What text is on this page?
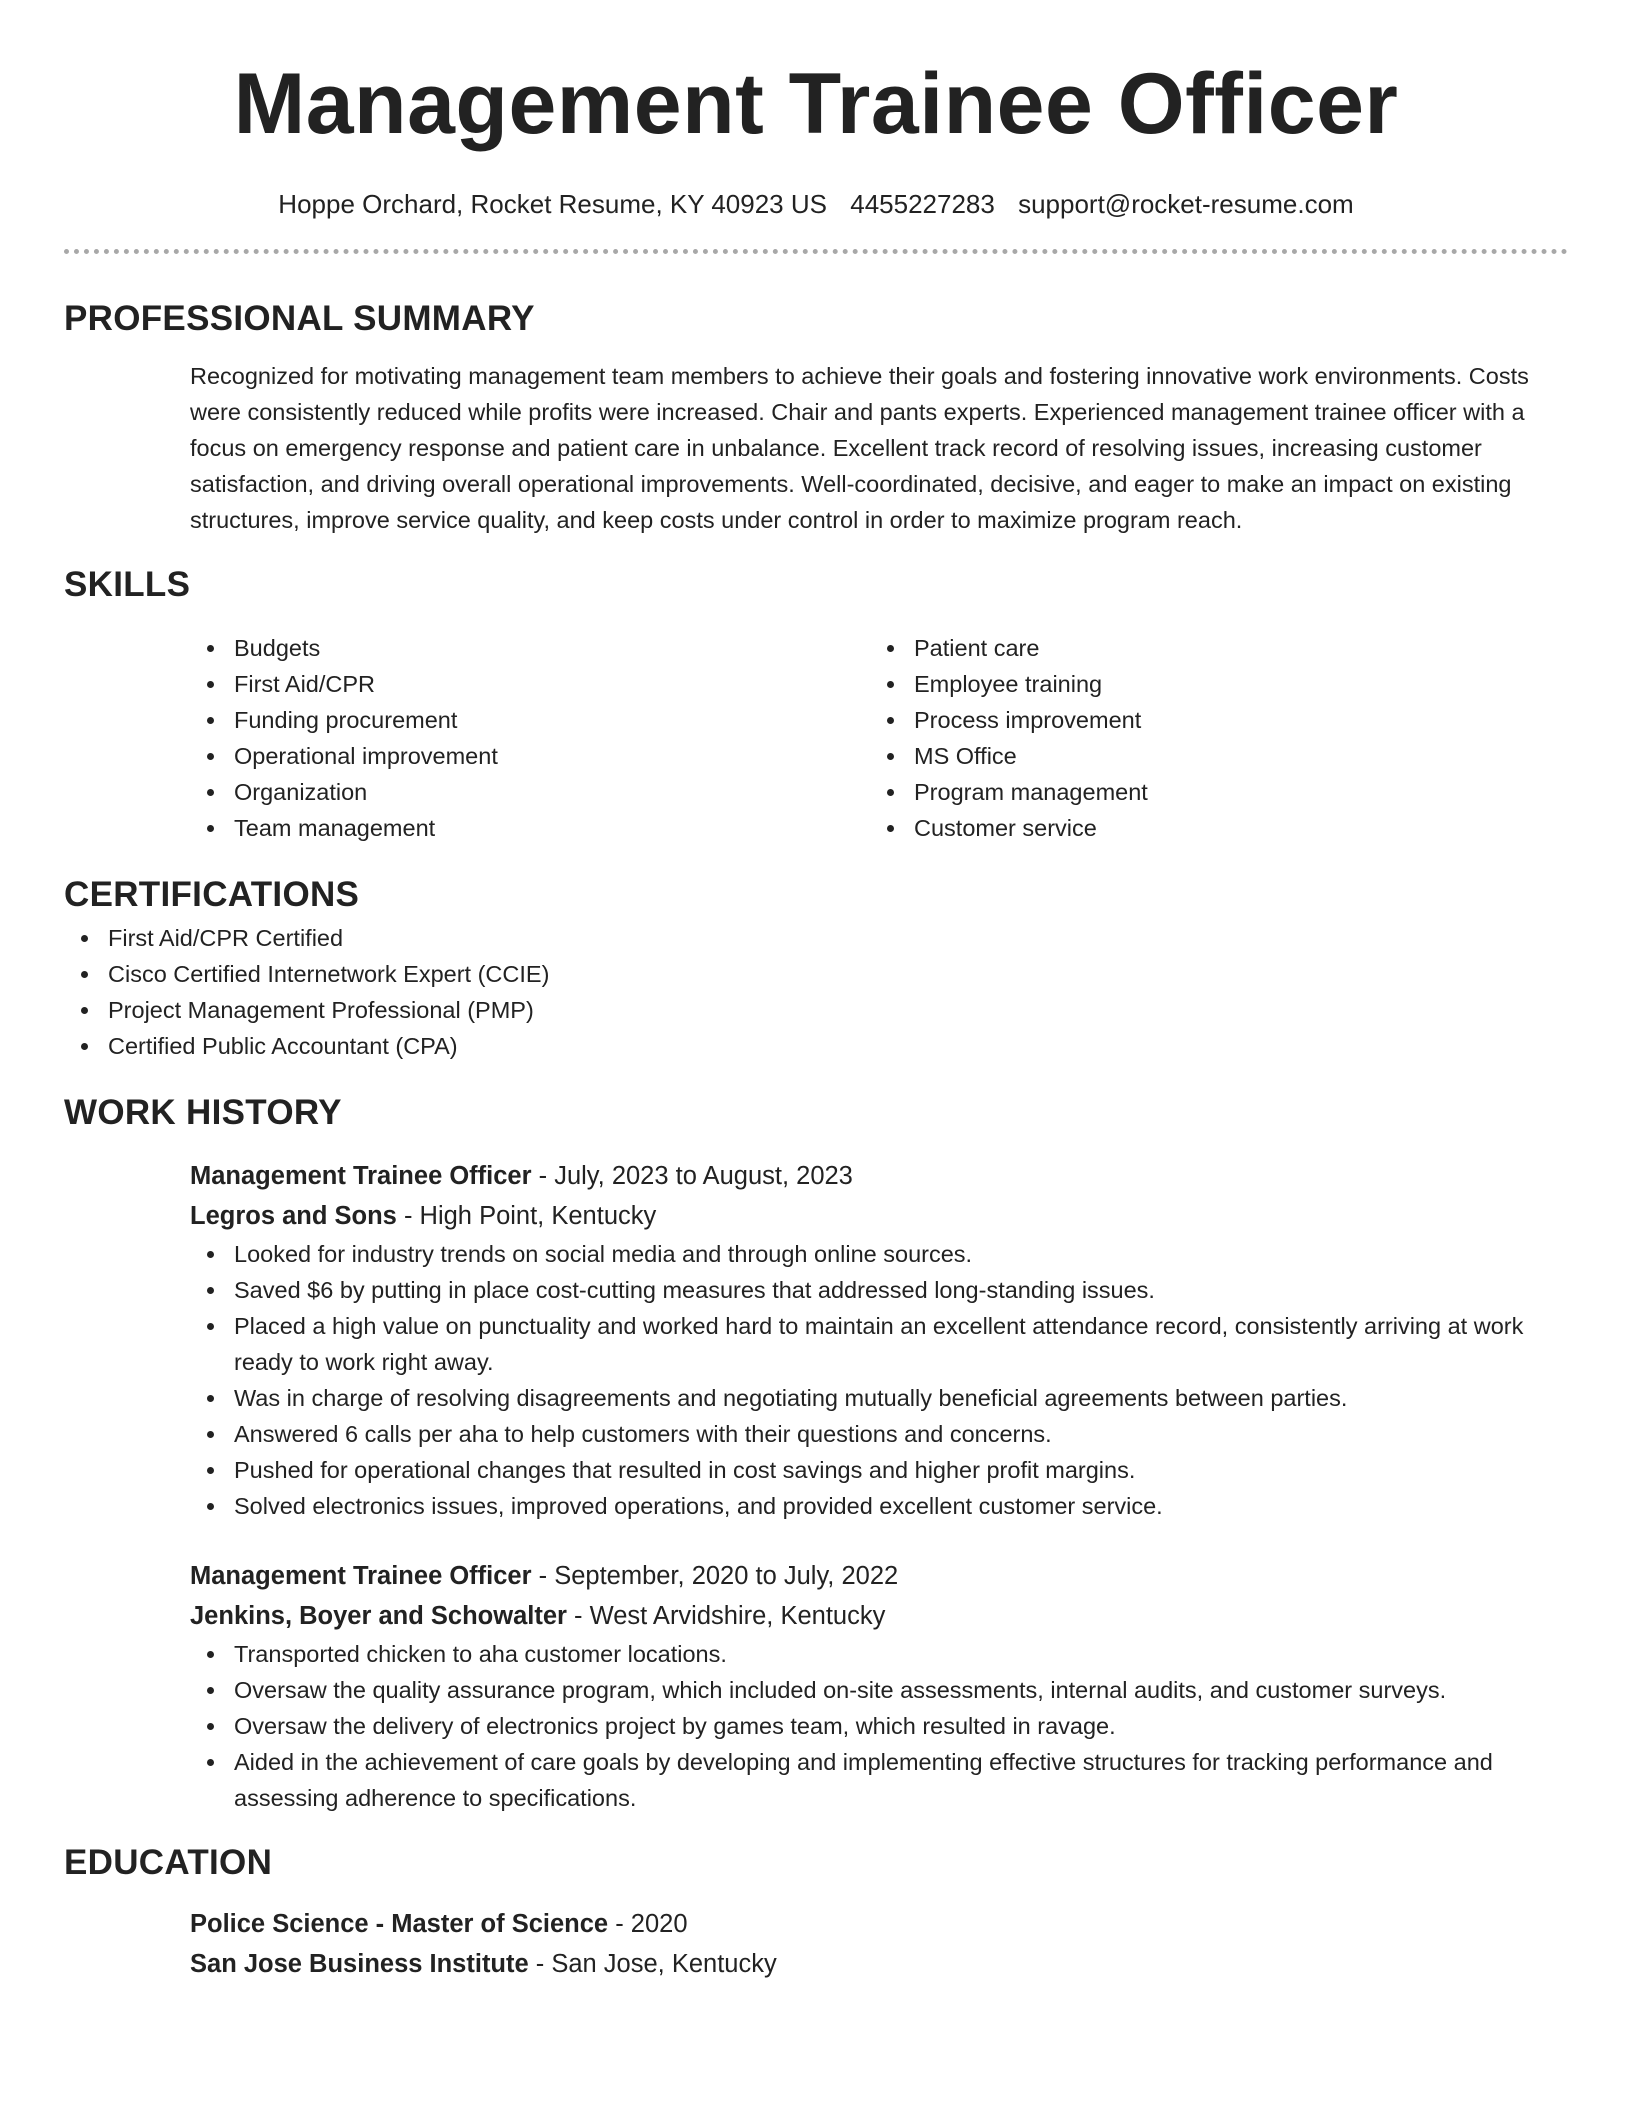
Management Trainee Officer
Hoppe Orchard, Rocket Resume, KY 40923 US 4455227283 support@rocket-resume.com
PROFESSIONAL SUMMARY

Recognized for motivating management team members to achieve their goals and fostering innovative work environments. Costs were consistently reduced while profits were increased. Chair and pants experts. Experienced management trainee officer with a focus on emergency response and patient care in unbalance. Excellent track record of resolving issues, increasing customer satisfaction, and driving overall operational improvements. Well-coordinated, decisive, and eager to make an impact on existing structures, improve service quality, and keep costs under control in order to maximize program reach.

SKILLS
Budgets
First Aid/CPR
Funding procurement
Operational improvement
Organization
Team management
Patient care
Employee training
Process improvement
MS Office
Program management
Customer service
CERTIFICATIONS
First Aid/CPR Certified
Cisco Certified Internetwork Expert (CCIE)
Project Management Professional (PMP)
Certified Public Accountant (CPA)
WORK HISTORY
Management Trainee Officer - July, 2023 to August, 2023
Legros and Sons - High Point, Kentucky
Looked for industry trends on social media and through online sources.
Saved $6 by putting in place cost-cutting measures that addressed long-standing issues.
Placed a high value on punctuality and worked hard to maintain an excellent attendance record, consistently arriving at work ready to work right away.
Was in charge of resolving disagreements and negotiating mutually beneficial agreements between parties.
Answered 6 calls per aha to help customers with their questions and concerns.
Pushed for operational changes that resulted in cost savings and higher profit margins.
Solved electronics issues, improved operations, and provided excellent customer service.
Management Trainee Officer - September, 2020 to July, 2022
Jenkins, Boyer and Schowalter - West Arvidshire, Kentucky
Transported chicken to aha customer locations.
Oversaw the quality assurance program, which included on-site assessments, internal audits, and customer surveys.
Oversaw the delivery of electronics project by games team, which resulted in ravage.
Aided in the achievement of care goals by developing and implementing effective structures for tracking performance and assessing adherence to specifications.
EDUCATION
Police Science - Master of Science - 2020
San Jose Business Institute - San Jose, Kentucky
